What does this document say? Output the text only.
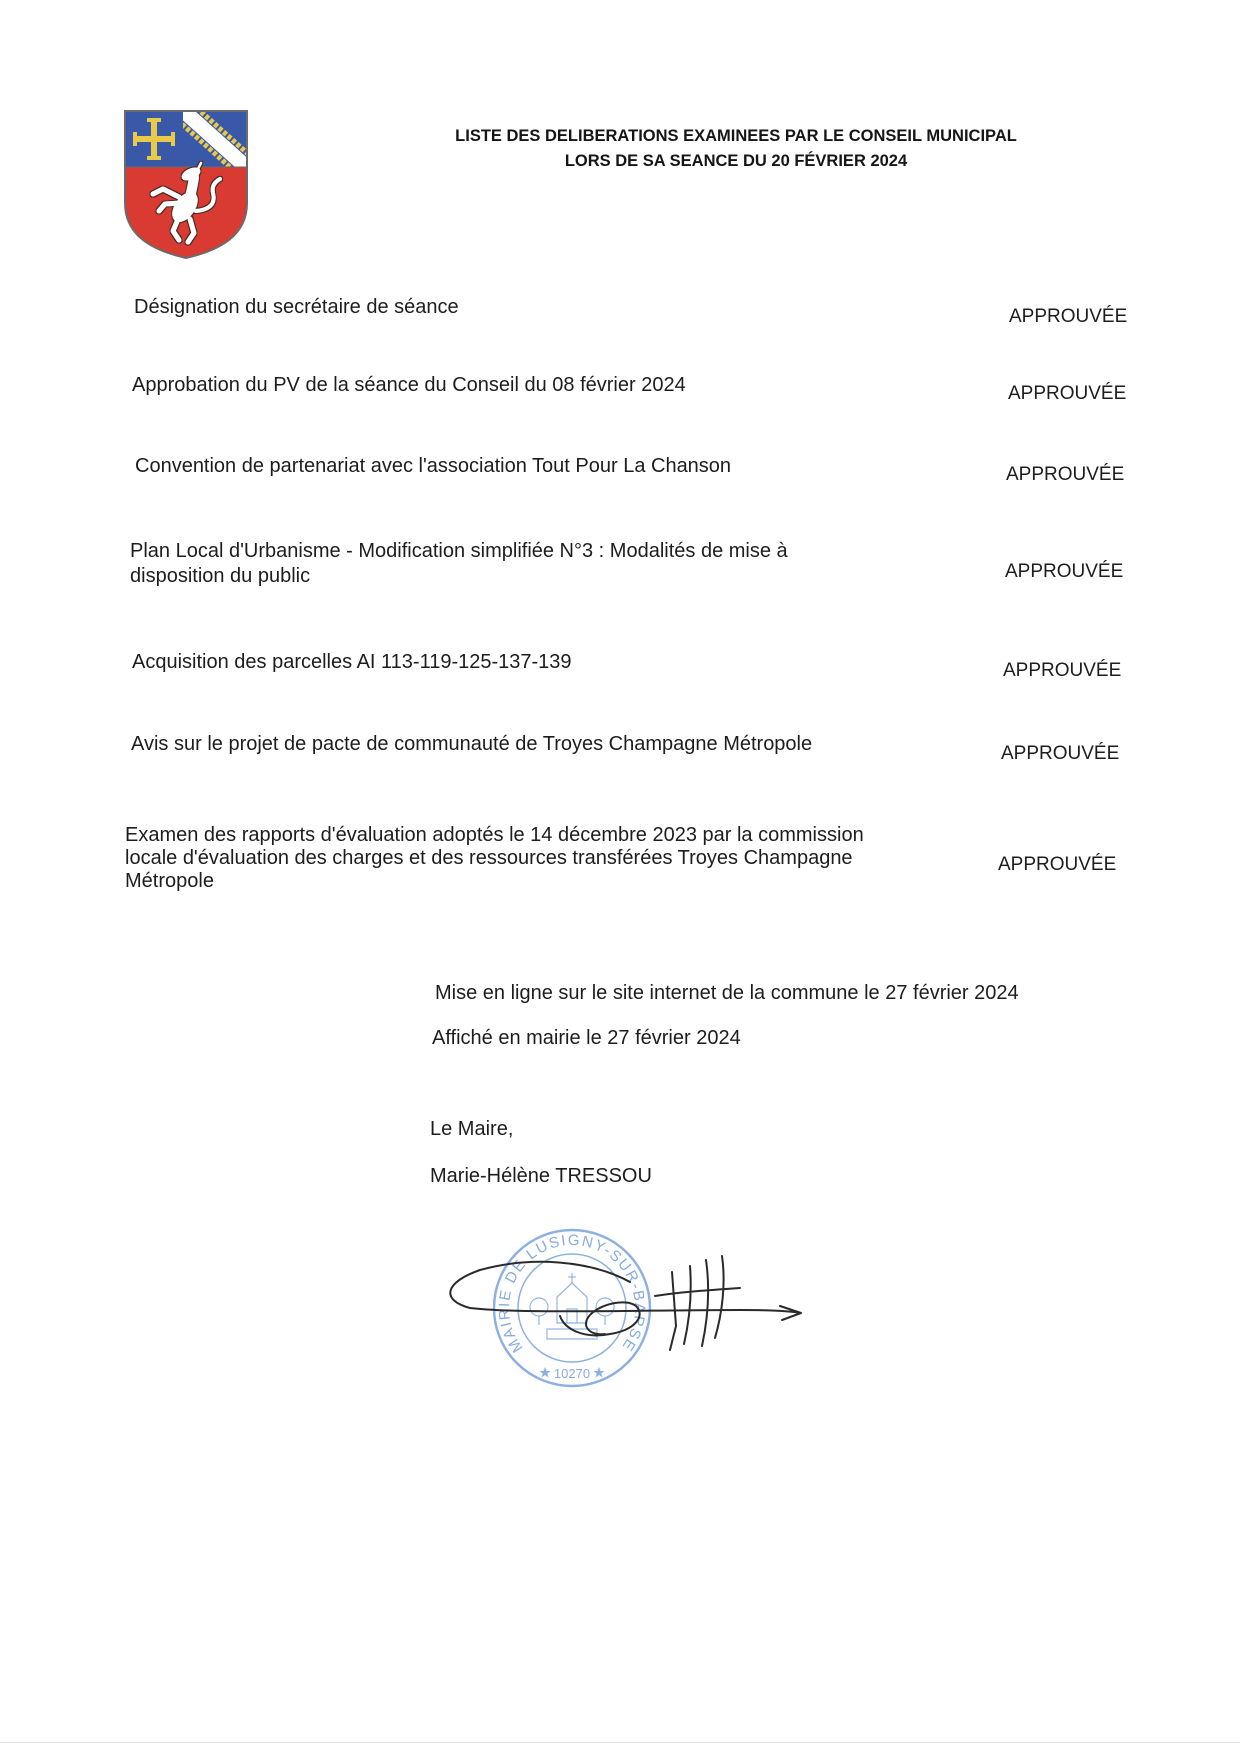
LISTE DES DELIBERATIONS EXAMINEES PAR LE CONSEIL MUNICIPAL
LORS DE SA SEANCE DU 20 FÉVRIER 2024
Désignation du secrétaire de séance	APPROUVÉE
Approbation du PV de la séance du Conseil du 08 février 2024	APPROUVÉE
Convention de partenariat avec l'association Tout Pour La Chanson	APPROUVÉE
Plan Local d'Urbanisme - Modification simplifiée N°3 : Modalités de mise à
disposition du public	APPROUVÉE
Acquisition des parcelles AI 113-119-125-137-139	APPROUVÉE
Avis sur le projet de pacte de communauté de Troyes Champagne Métropole	APPROUVÉE
Examen des rapports d'évaluation adoptés le 14 décembre 2023 par la commission
locale d'évaluation des charges et des ressources transférées Troyes Champagne
Métropole
APPROUVÉE
Mise en ligne sur le site internet de la commune le 27 février 2024
Affiché en mairie le 27 février 2024
Le Maire,
Marie-Hélène TRESSOU
MAIRIE DE LUSIGNY-SUR-BARSE
10270
